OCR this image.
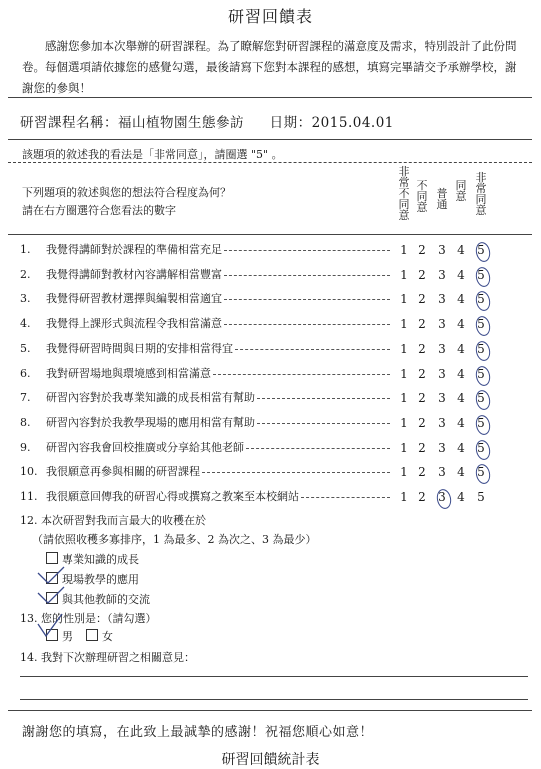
研習回饋表
感謝您參加本次舉辦的研習課程。為了瞭解您對研習課程的滿意度及需求，特別設計了此份問卷。每個選項請依據您的感覺勾選，最後請寫下您對本課程的感想，填寫完畢請交予承辦學校，謝謝您的參與！
研習課程名稱：福山植物園生態參訪 日期：2015.04.01
該題項的敘述我的看法是「非常同意」，請圈選 "5" 。
下列題項的敘述與您的想法符合程度為何？
請在右方圈選符合您看法的數字
非常不同意
不同意
普通
同意
非常同意
1. 我覺得講師對於課程的準備相當充足	1 2 3 4 5
2. 我覺得講師對教材內容講解相當豐富	1 2 3 4 5
3. 我覺得研習教材選擇與編製相當適宜	1 2 3 4 5
4. 我覺得上課形式與流程令我相當滿意	1 2 3 4 5
5. 我覺得研習時間與日期的安排相當得宜	1 2 3 4 5
6. 我對研習場地與環境感到相當滿意	1 2 3 4 5
7. 研習內容對於我專業知識的成長相當有幫助	1 2 3 4 5
8. 研習內容對於我教學現場的應用相當有幫助	1 2 3 4 5
9. 研習內容我會回校推廣或分享給其他老師	1 2 3 4 5
10. 我很願意再參與相關的研習課程	1 2 3 4 5
11. 我很願意回傳我的研習心得或撰寫之教案至本校網站	1 2 3 4 5
12. 本次研習對我而言最大的收穫在於
（請依照收穫多寡排序，1 為最多、2 為次之、3 為最少）
專業知識的成長
現場教學的應用
與其他教師的交流
13. 您的性別是：（請勾選）
男	女
14. 我對下次辦理研習之相關意見：
謝謝您的填寫，在此致上最誠摯的感謝！祝福您順心如意！
研習回饋統計表
